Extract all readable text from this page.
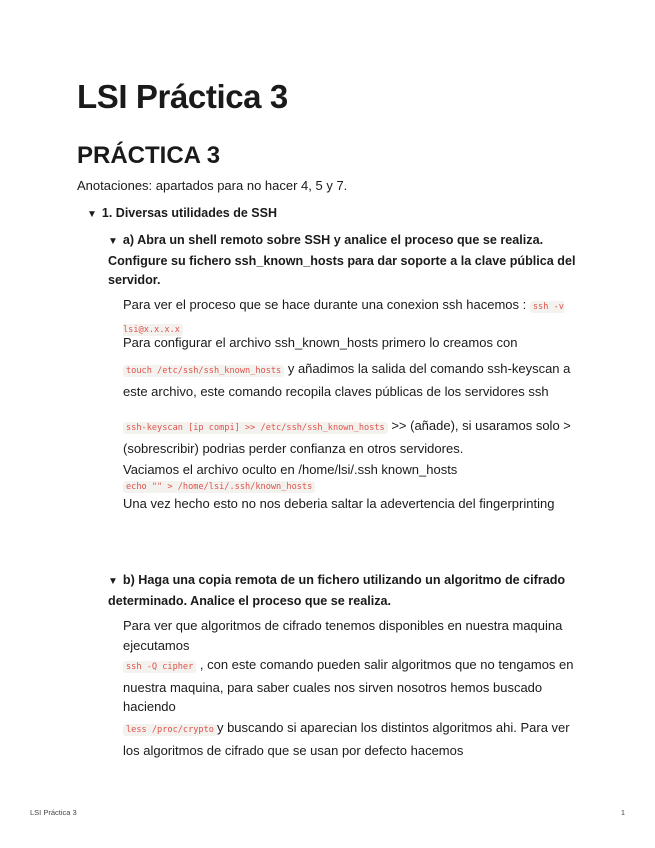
LSI Práctica 3
PRÁCTICA 3
Anotaciones: apartados para no hacer 4, 5 y 7.
▼ 1. Diversas utilidades de SSH
▼ a) Abra un shell remoto sobre SSH y analice el proceso que se realiza. Configure su fichero ssh_known_hosts para dar soporte a la clave pública del servidor.
Para ver el proceso que se hace durante una conexion ssh hacemos : ssh -v lsi@x.x.x.x
Para configurar el archivo ssh_known_hosts primero lo creamos con
touch /etc/ssh/ssh_known_hosts y añadimos la salida del comando ssh-keyscan a este archivo, este comando recopila claves públicas de los servidores ssh
ssh-keyscan [ip compi] >> /etc/ssh/ssh_known_hosts >> (añade), si usaramos solo > (sobrescribir) podrias perder confianza en otros servidores.
Vaciamos el archivo oculto en /home/lsi/.ssh known_hosts
echo "" > /home/lsi/.ssh/known_hosts
Una vez hecho esto no nos deberia saltar la adevertencia del fingerprinting
▼ b) Haga una copia remota de un fichero utilizando un algoritmo de cifrado determinado. Analice el proceso que se realiza.
Para ver que algoritmos de cifrado tenemos disponibles en nuestra maquina ejecutamos
ssh -Q cipher , con este comando pueden salir algoritmos que no tengamos en nuestra maquina, para saber cuales nos sirven nosotros hemos buscado haciendo
less /proc/crypto y buscando si aparecian los distintos algoritmos ahi. Para ver los algoritmos de cifrado que se usan por defecto hacemos
LSI Práctica 3	1
